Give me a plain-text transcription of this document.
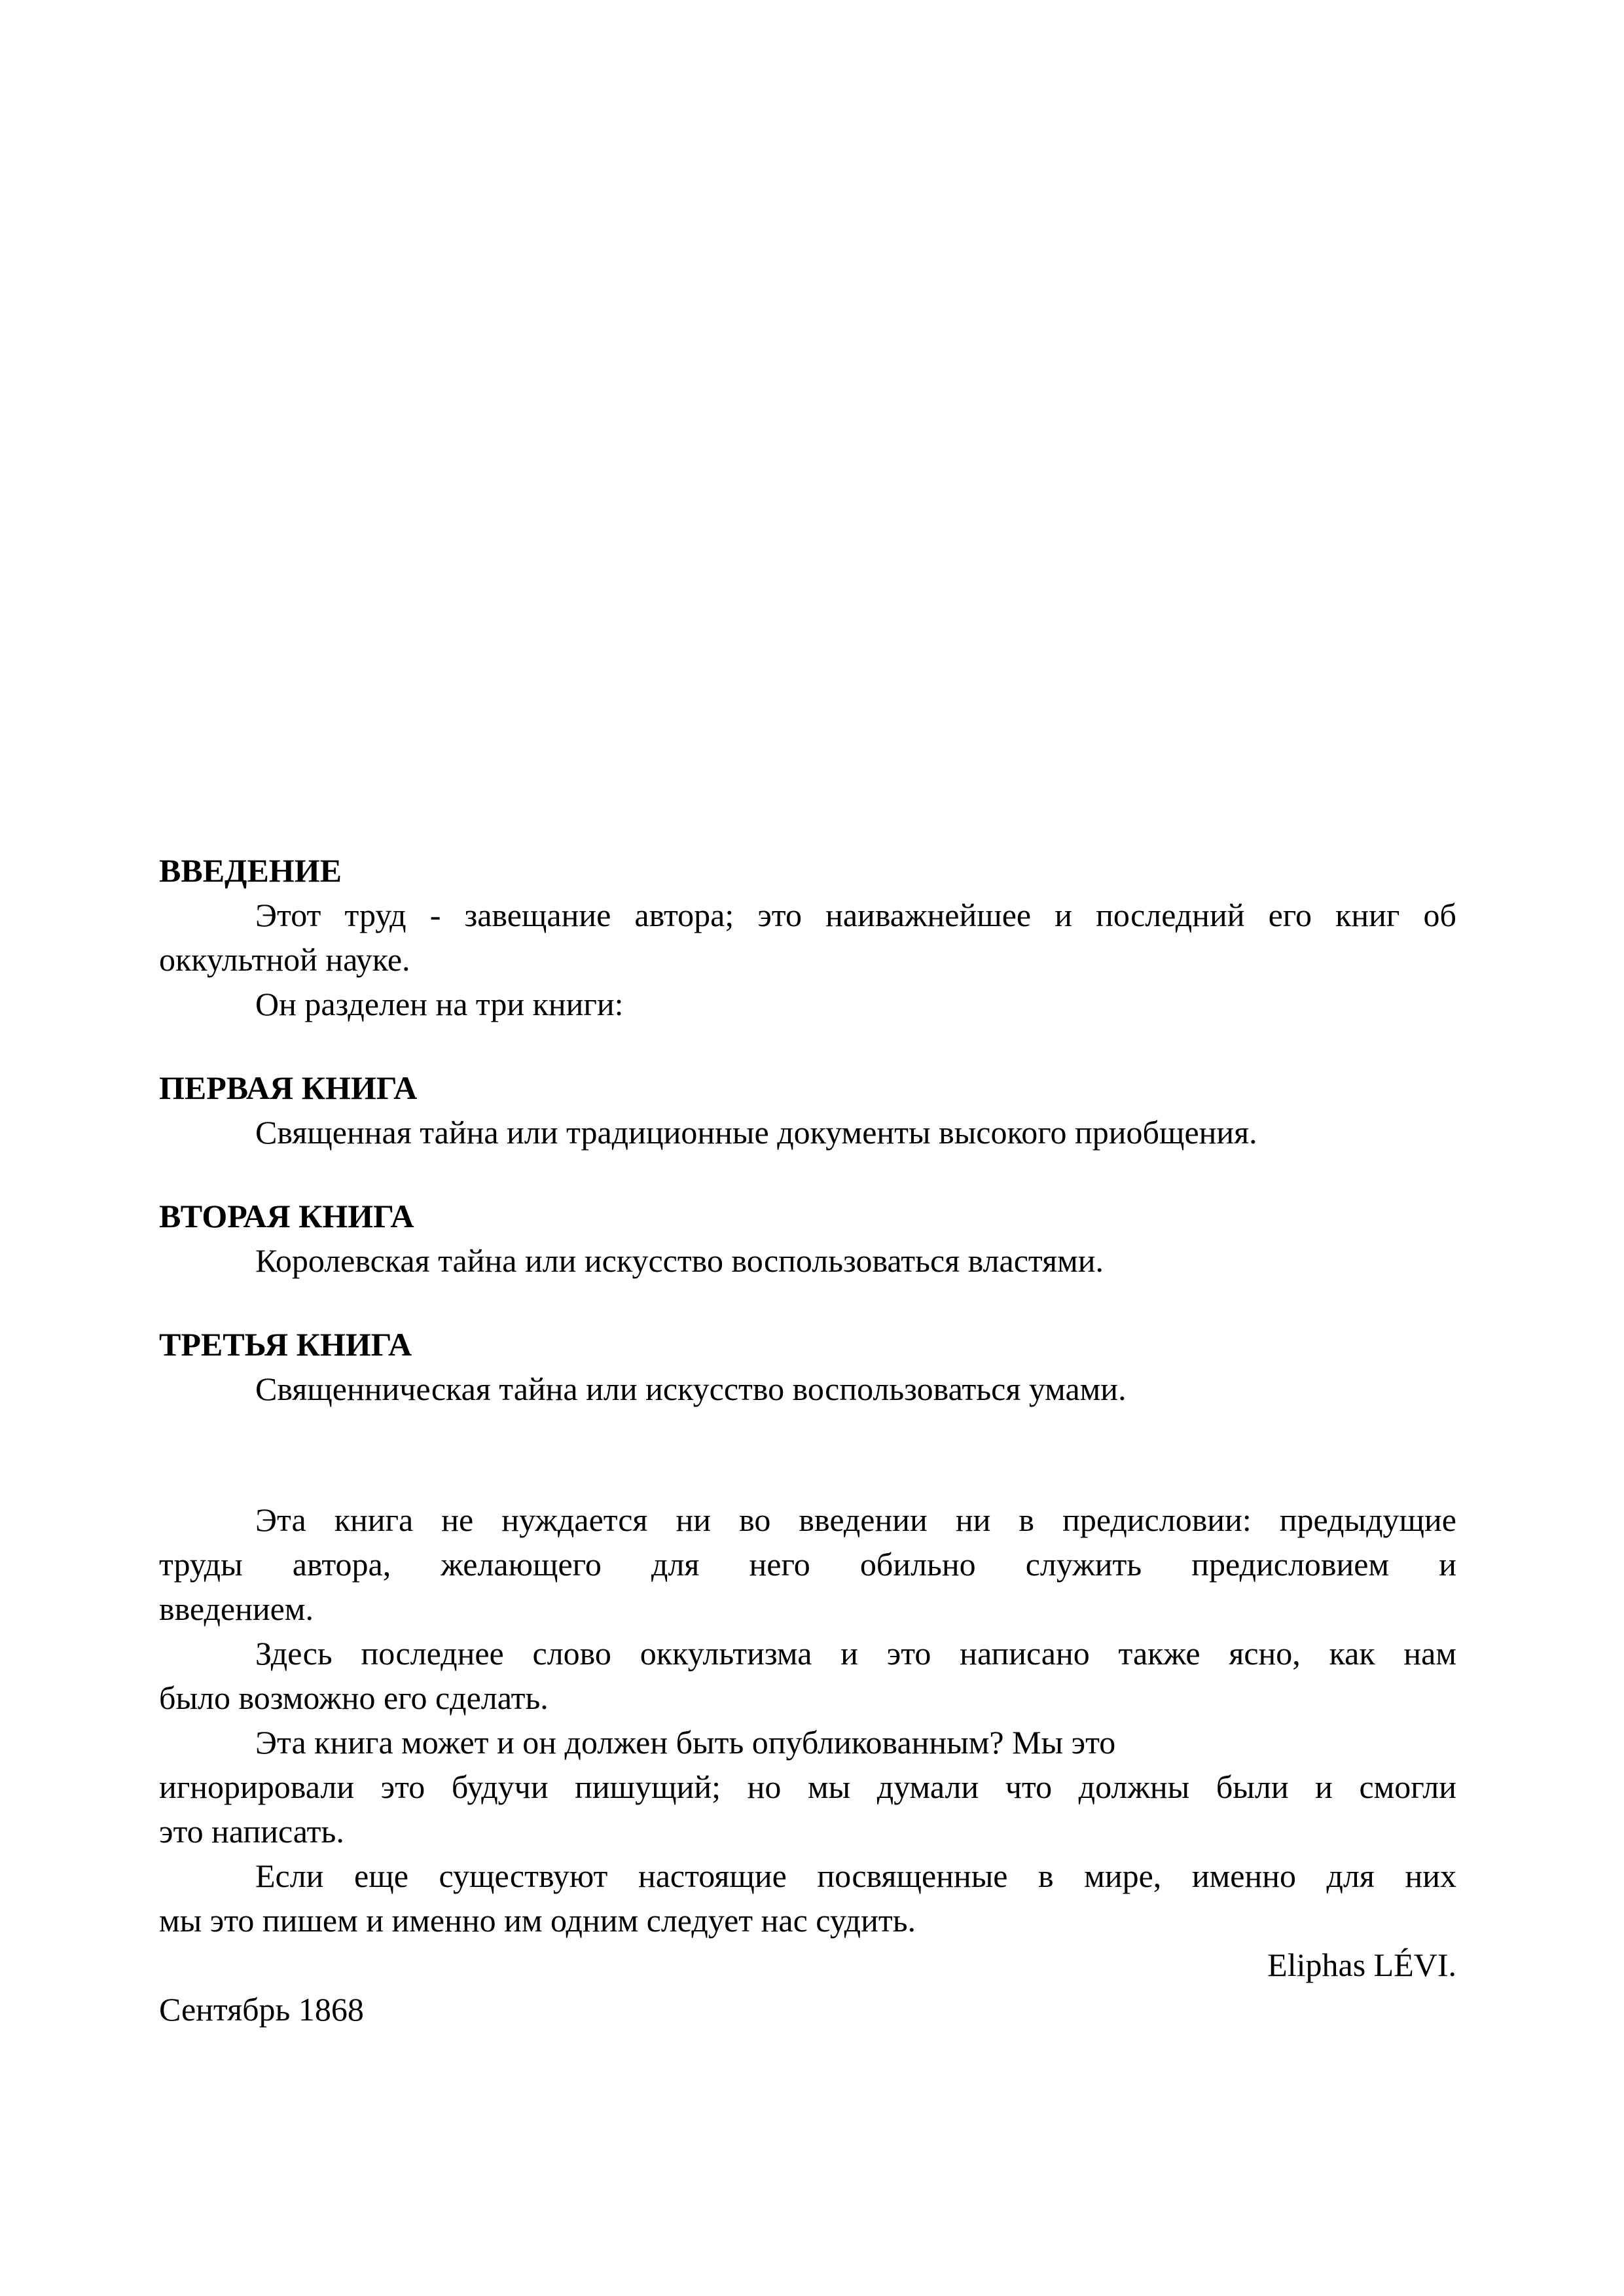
ВВЕДЕНИЕ
Этот труд - завещание автора; это наиважнейшее и последний его книг об
оккультной науке.
Он разделен на три книги:
ПЕРВАЯ КНИГА
Священная тайна или традиционные документы высокого приобщения.
ВТОРАЯ КНИГА
Королевская тайна или искусство воспользоваться властями.
ТРЕТЬЯ КНИГА
Священническая тайна или искусство воспользоваться умами.
Эта книга не нуждается ни во введении ни в предисловии: предыдущие
труды автора, желающего для него обильно служить предисловием и
введением.
Здесь последнее слово оккультизма и это написано также ясно, как нам
было возможно его сделать.
Эта книга может и он должен быть опубликованным? Мы это
игнорировали это будучи пишущий; но мы думали что должны были и смогли
это написать.
Если еще существуют настоящие посвященные в мире, именно для них
мы это пишем и именно им одним следует нас судить.
Eliphas LÉVI.
Сентябрь 1868
